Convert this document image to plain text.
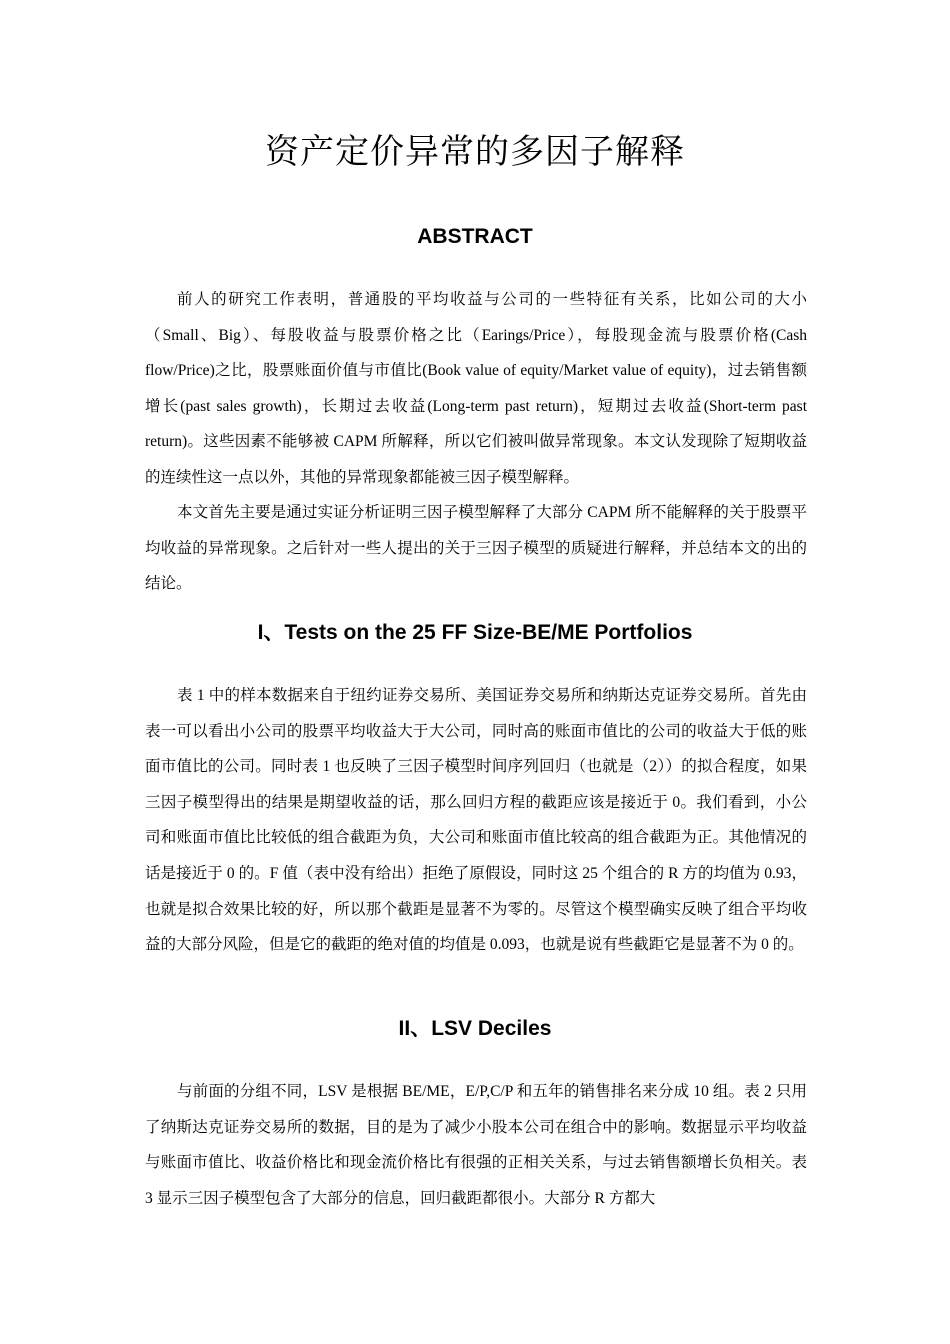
资产定价异常的多因子解释
ABSTRACT

前人的研究工作表明，普通股的平均收益与公司的一些特征有关系，比如公司的大小（Small、Big）、每股收益与股票价格之比（Earings/Price），每股现金流与股票价格(Cash flow/Price)之比，股票账面价值与市值比(Book value of equity/Market value of equity)，过去销售额增长(past sales growth)，长期过去收益(Long-term past return)，短期过去收益(Short-term past return)。这些因素不能够被 CAPM 所解释，所以它们被叫做异常现象。本文认发现除了短期收益的连续性这一点以外，其他的异常现象都能被三因子模型解释。

本文首先主要是通过实证分析证明三因子模型解释了大部分 CAPM 所不能解释的关于股票平均收益的异常现象。之后针对一些人提出的关于三因子模型的质疑进行解释，并总结本文的出的结论。

I、Tests on the 25 FF Size-BE/ME Portfolios

表 1 中的样本数据来自于纽约证券交易所、美国证券交易所和纳斯达克证券交易所。首先由表一可以看出小公司的股票平均收益大于大公司，同时高的账面市值比的公司的收益大于低的账面市值比的公司。同时表 1 也反映了三因子模型时间序列回归（也就是（2））的拟合程度，如果三因子模型得出的结果是期望收益的话，那么回归方程的截距应该是接近于 0。我们看到，小公司和账面市值比比较低的组合截距为负，大公司和账面市值比较高的组合截距为正。其他情况的话是接近于 0 的。F 值（表中没有给出）拒绝了原假设，同时这 25 个组合的 R 方的均值为 0.93，也就是拟合效果比较的好，所以那个截距是显著不为零的。尽管这个模型确实反映了组合平均收益的大部分风险，但是它的截距的绝对值的均值是 0.093，也就是说有些截距它是显著不为 0 的。

II、LSV Deciles

与前面的分组不同，LSV 是根据 BE/ME，E/P,C/P 和五年的销售排名来分成 10 组。表 2 只用了纳斯达克证券交易所的数据，目的是为了减少小股本公司在组合中的影响。数据显示平均收益与账面市值比、收益价格比和现金流价格比有很强的正相关关系，与过去销售额增长负相关。表 3 显示三因子模型包含了大部分的信息，回归截距都很小。大部分 R 方都大
